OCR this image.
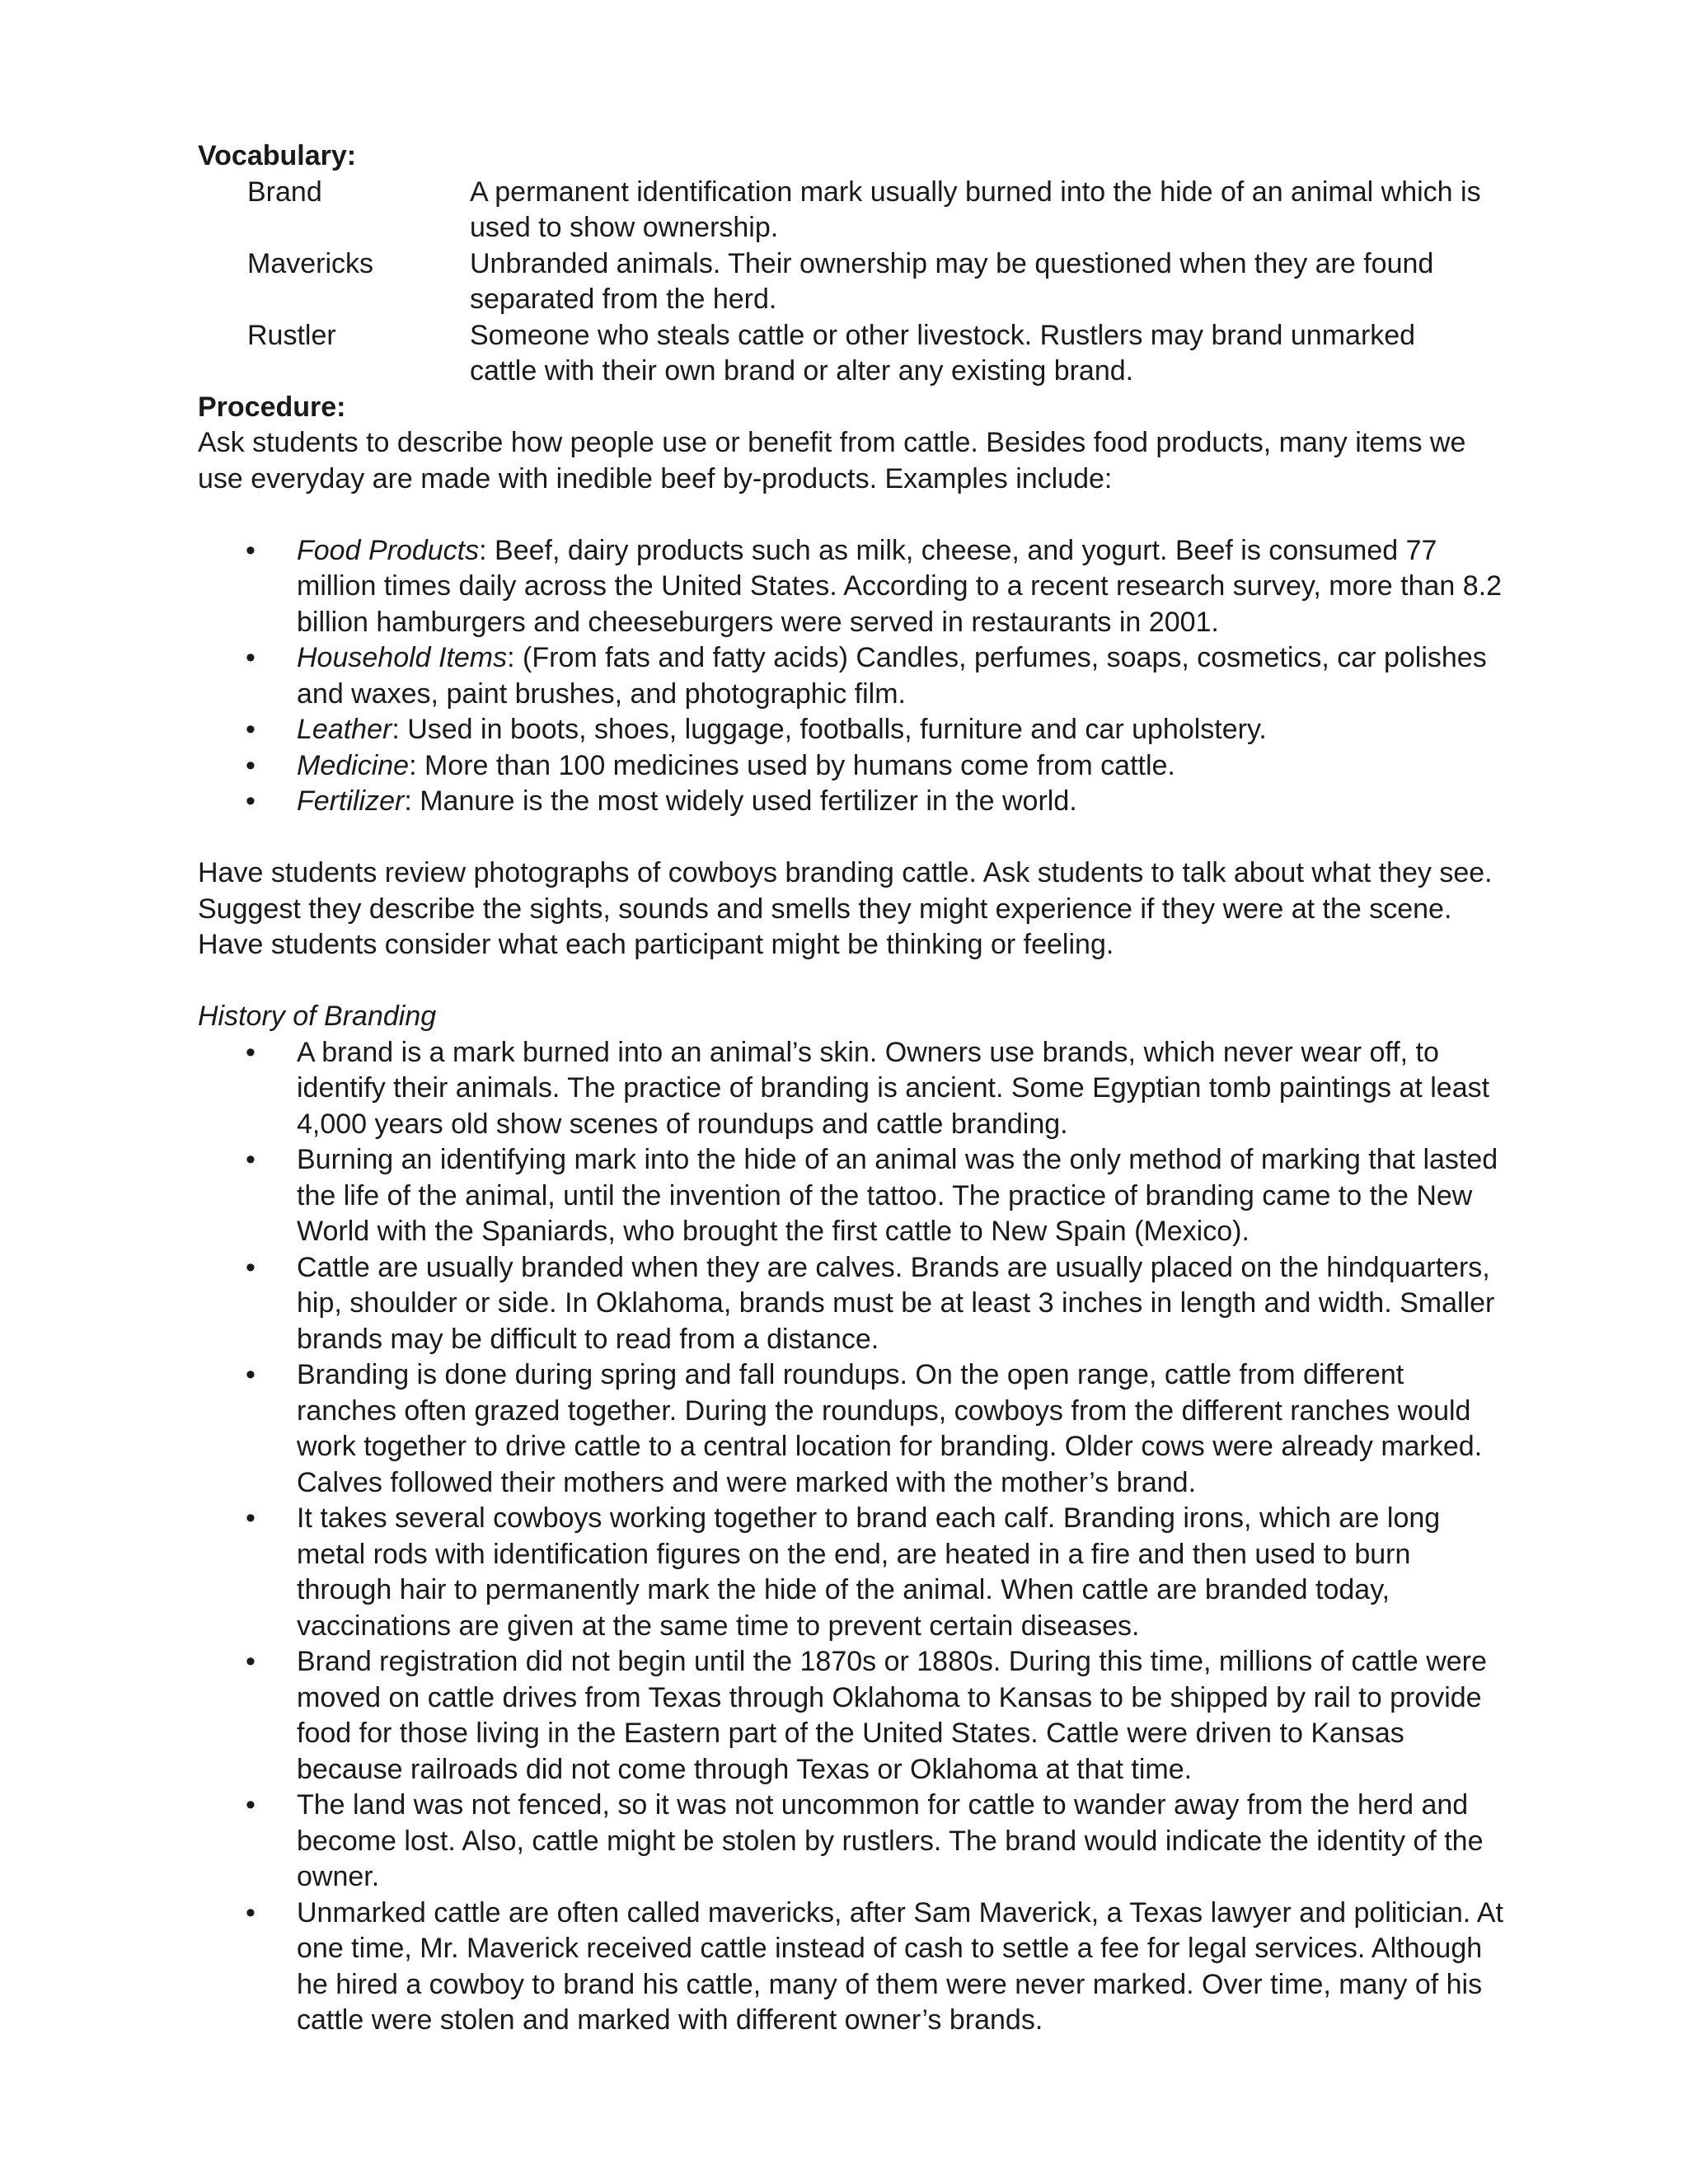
Vocabulary:
Brand	A permanent identification mark usually burned into the hide of an animal which is used to show ownership.
Mavericks	Unbranded animals. Their ownership may be questioned when they are found separated from the herd.
Rustler	Someone who steals cattle or other livestock. Rustlers may brand unmarked cattle with their own brand or alter any existing brand.
Procedure:

Ask students to describe how people use or benefit from cattle. Besides food products, many items we use everyday are made with inedible beef by-products. Examples include:

• Food Products: Beef, dairy products such as milk, cheese, and yogurt. Beef is consumed 77 million times daily across the United States. According to a recent research survey, more than 8.2 billion hamburgers and cheeseburgers were served in restaurants in 2001.
• Household Items: (From fats and fatty acids) Candles, perfumes, soaps, cosmetics, car polishes and waxes, paint brushes, and photographic film.
• Leather: Used in boots, shoes, luggage, footballs, furniture and car upholstery.
• Medicine: More than 100 medicines used by humans come from cattle.
• Fertilizer: Manure is the most widely used fertilizer in the world.

Have students review photographs of cowboys branding cattle. Ask students to talk about what they see. Suggest they describe the sights, sounds and smells they might experience if they were at the scene. Have students consider what each participant might be thinking or feeling.

History of Branding
• A brand is a mark burned into an animal’s skin. Owners use brands, which never wear off, to identify their animals. The practice of branding is ancient. Some Egyptian tomb paintings at least 4,000 years old show scenes of roundups and cattle branding.
• Burning an identifying mark into the hide of an animal was the only method of marking that lasted the life of the animal, until the invention of the tattoo. The practice of branding came to the New World with the Spaniards, who brought the first cattle to New Spain (Mexico).
• Cattle are usually branded when they are calves. Brands are usually placed on the hindquarters, hip, shoulder or side. In Oklahoma, brands must be at least 3 inches in length and width. Smaller brands may be difficult to read from a distance.
• Branding is done during spring and fall roundups. On the open range, cattle from different ranches often grazed together. During the roundups, cowboys from the different ranches would work together to drive cattle to a central location for branding. Older cows were already marked. Calves followed their mothers and were marked with the mother’s brand.
• It takes several cowboys working together to brand each calf. Branding irons, which are long metal rods with identification figures on the end, are heated in a fire and then used to burn through hair to permanently mark the hide of the animal. When cattle are branded today, vaccinations are given at the same time to prevent certain diseases.
• Brand registration did not begin until the 1870s or 1880s. During this time, millions of cattle were moved on cattle drives from Texas through Oklahoma to Kansas to be shipped by rail to provide food for those living in the Eastern part of the United States. Cattle were driven to Kansas because railroads did not come through Texas or Oklahoma at that time.
• The land was not fenced, so it was not uncommon for cattle to wander away from the herd and become lost. Also, cattle might be stolen by rustlers. The brand would indicate the identity of the owner.
• Unmarked cattle are often called mavericks, after Sam Maverick, a Texas lawyer and politician. At one time, Mr. Maverick received cattle instead of cash to settle a fee for legal services. Although he hired a cowboy to brand his cattle, many of them were never marked. Over time, many of his cattle were stolen and marked with different owner’s brands.
